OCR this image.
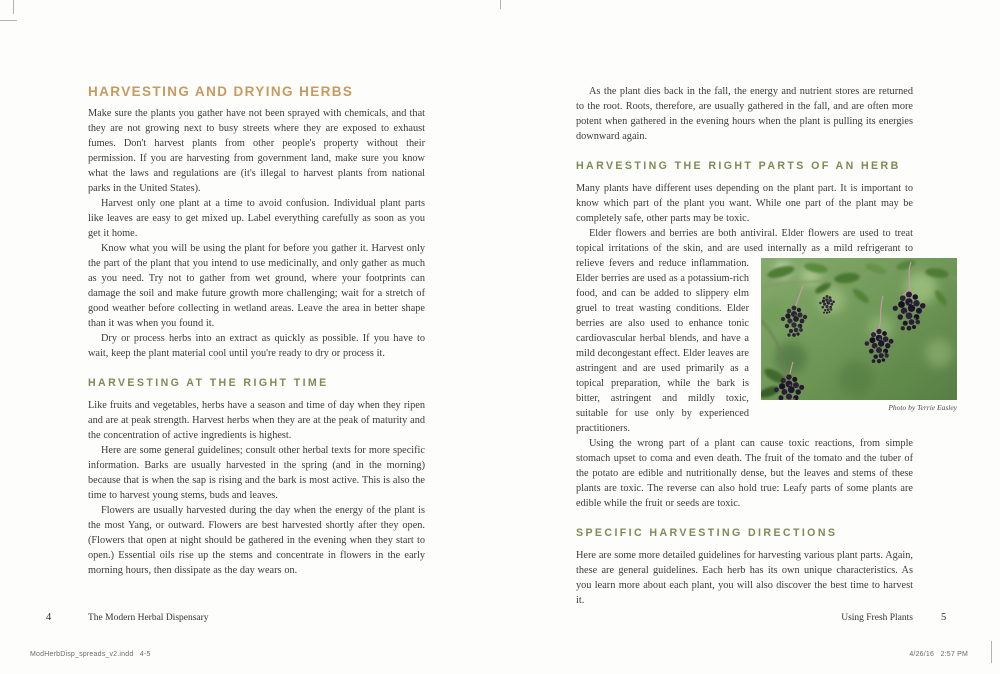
HARVESTING AND DRYING HERBS

Make sure the plants you gather have not been sprayed with chemicals, and that they are not growing next to busy streets where they are exposed to exhaust fumes. Don't harvest plants from other people's property without their permission. If you are harvesting from government land, make sure you know what the laws and regulations are (it's illegal to harvest plants from national parks in the United States).

Harvest only one plant at a time to avoid confusion. Individual plant parts like leaves are easy to get mixed up. Label everything carefully as soon as you get it home.

Know what you will be using the plant for before you gather it. Harvest only the part of the plant that you intend to use medicinally, and only gather as much as you need. Try not to gather from wet ground, where your footprints can damage the soil and make future growth more challenging; wait for a stretch of good weather before collecting in wetland areas. Leave the area in better shape than it was when you found it.

Dry or process herbs into an extract as quickly as possible. If you have to wait, keep the plant material cool until you're ready to dry or process it.

HARVESTING AT THE RIGHT TIME

Like fruits and vegetables, herbs have a season and time of day when they ripen and are at peak strength. Harvest herbs when they are at the peak of maturity and the concentration of active ingredients is highest.

Here are some general guidelines; consult other herbal texts for more specific information. Barks are usually harvested in the spring (and in the morning) because that is when the sap is rising and the bark is most active. This is also the time to harvest young stems, buds and leaves.

Flowers are usually harvested during the day when the energy of the plant is the most Yang, or outward. Flowers are best harvested shortly after they open. (Flowers that open at night should be gathered in the evening when they start to open.) Essential oils rise up the stems and concentrate in flowers in the early morning hours, then dissipate as the day wears on.

As the plant dies back in the fall, the energy and nutrient stores are returned to the root. Roots, therefore, are usually gathered in the fall, and are often more potent when gathered in the evening hours when the plant is pulling its energies downward again.

HARVESTING THE RIGHT PARTS OF AN HERB

Many plants have different uses depending on the plant part. It is important to know which part of the plant you want. While one part of the plant may be completely safe, other parts may be toxic.

Elder flowers and berries are both antiviral. Elder flowers are used to treat topical irritations of the skin, and are used internally as a mild refrigerant to

Photo by Terrie Easley

relieve fevers and reduce inflammation. Elder berries are used as a potassium-rich food, and can be added to slippery elm gruel to treat wasting conditions. Elder berries are also used to enhance tonic cardiovascular herbal blends, and have a mild decongestant effect. Elder leaves are astringent and are used primarily as a topical preparation, while the bark is bitter, astringent and mildly toxic, suitable for use only by experienced practitioners.

Using the wrong part of a plant can cause toxic reactions, from simple stomach upset to coma and even death. The fruit of the tomato and the tuber of the potato are edible and nutritionally dense, but the leaves and stems of these plants are toxic. The reverse can also hold true: Leafy parts of some plants are edible while the fruit or seeds are toxic.

SPECIFIC HARVESTING DIRECTIONS

Here are some more detailed guidelines for harvesting various plant parts. Again, these are general guidelines. Each herb has its own unique characteristics. As you learn more about each plant, you will also discover the best time to harvest it.

4	The Modern Herbal Dispensary	Using Fresh Plants	5
ModHerbDisp_spreads_v2.indd   4-5	4/26/16   2:57 PM
